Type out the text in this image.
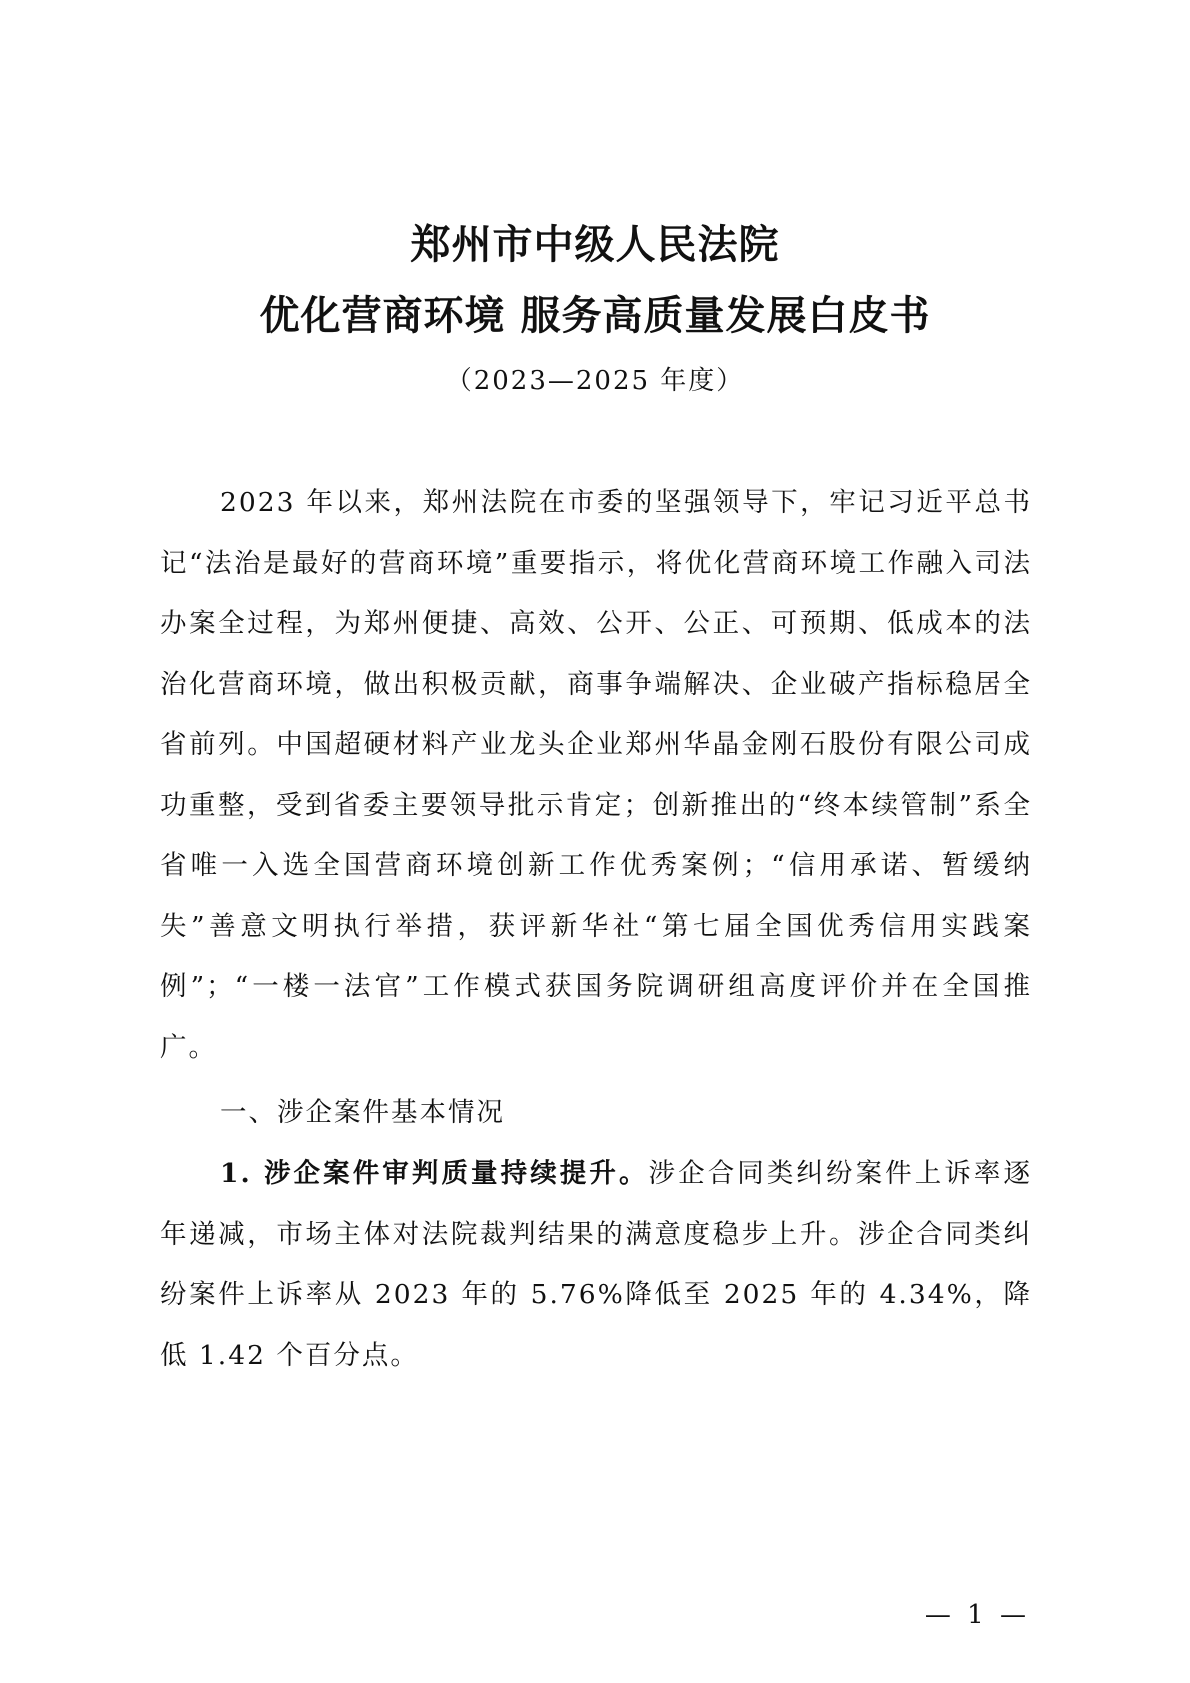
郑州市中级人民法院
优化营商环境 服务高质量发展白皮书
（2023—2025 年度）

2023 年以来，郑州法院在市委的坚强领导下，牢记习近平总书记“法治是最好的营商环境”重要指示，将优化营商环境工作融入司法办案全过程，为郑州便捷、高效、公开、公正、可预期、低成本的法治化营商环境，做出积极贡献，商事争端解决、企业破产指标稳居全省前列。中国超硬材料产业龙头企业郑州华晶金刚石股份有限公司成功重整，受到省委主要领导批示肯定；创新推出的“终本续管制”系全省唯一入选全国营商环境创新工作优秀案例；“信用承诺、暂缓纳失”善意文明执行举措，获评新华社“第七届全国优秀信用实践案例”；“一楼一法官”工作模式获国务院调研组高度评价并在全国推广。

一、涉企案件基本情况

1. 涉企案件审判质量持续提升。涉企合同类纠纷案件上诉率逐年递减，市场主体对法院裁判结果的满意度稳步上升。涉企合同类纠纷案件上诉率从 2023 年的 5.76%降低至 2025 年的 4.34%，降低 1.42 个百分点。

— 1 —
